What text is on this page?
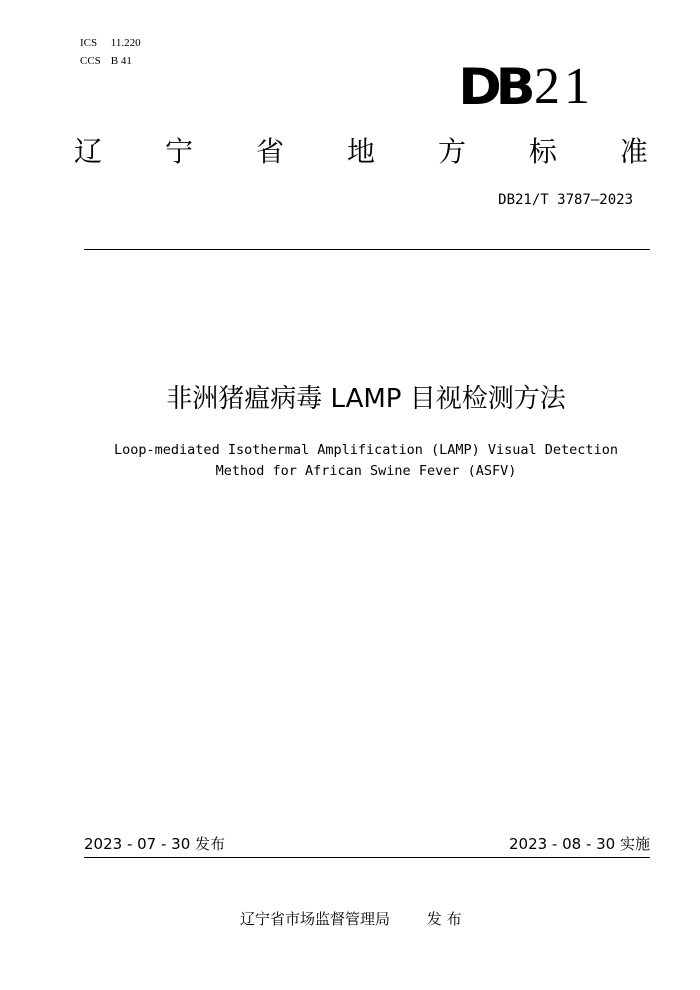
ICS 11.220
CCS B 41	DB 21
辽 宁 省 地 方 标 准
DB21/T 3787—2023
非洲猪瘟病毒 LAMP 目视检测方法
Loop-mediated Isothermal Amplification (LAMP) Visual Detection
Method for African Swine Fever (ASFV)
2023 - 07 - 30 发布	2023 - 08 - 30 实施
辽宁省市场监督管理局 发 布
